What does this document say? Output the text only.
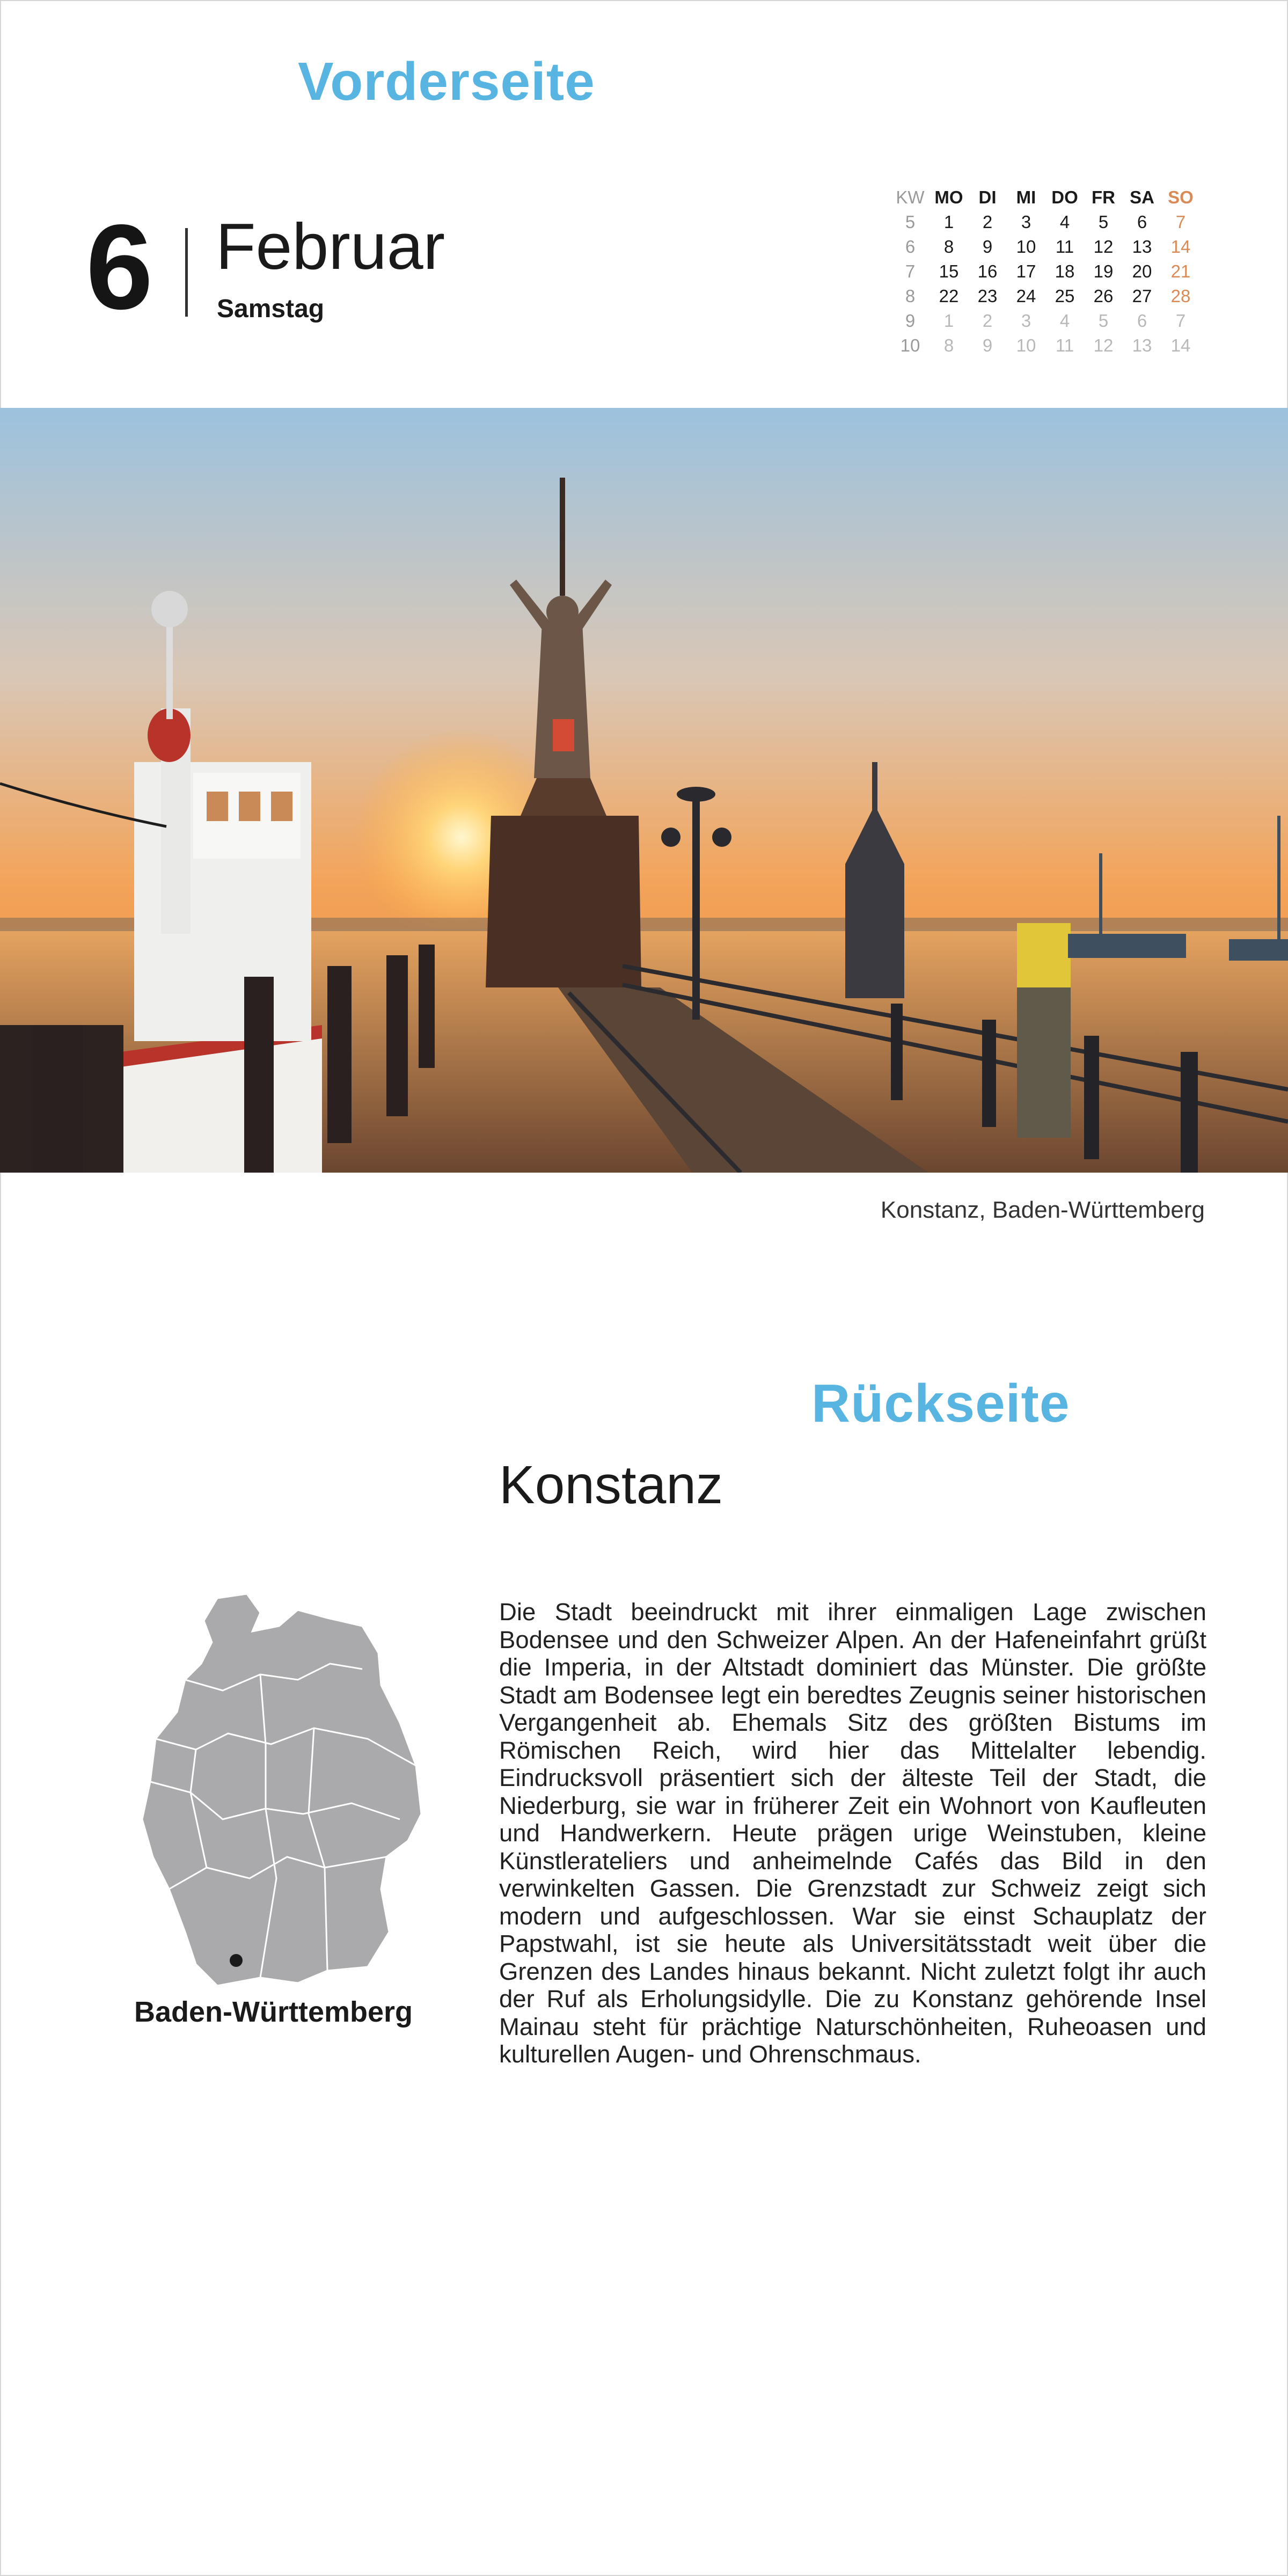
Vorderseite
6 Februar
Samstag
KW	MO	DI	MI	DO	FR	SA	SO
5	1	2	3	4	5	6	7
6	8	9	10	11	12	13	14
7	15	16	17	18	19	20	21
8	22	23	24	25	26	27	28
9	1	2	3	4	5	6	7
10	8	9	10	11	12	13	14
Konstanz, Baden-Württemberg
Rückseite
Konstanz
Die Stadt beeindruckt mit ihrer einmaligen Lage zwischen Bodensee und den Schweizer Alpen. An der Hafeneinfahrt grüßt die Imperia, in der Altstadt dominiert das Münster. Die größte Stadt am Bodensee legt ein beredtes Zeugnis seiner historischen Vergangenheit ab. Ehemals Sitz des größten Bistums im Römischen Reich, wird hier das Mittelalter lebendig. Eindrucksvoll präsentiert sich der älteste Teil der Stadt, die Niederburg, sie war in früherer Zeit ein Wohnort von Kaufleuten und Handwerkern. Heute prägen urige Weinstuben, kleine Künstlerateliers und anheimelnde Cafés das Bild in den verwinkelten Gassen. Die Grenzstadt zur Schweiz zeigt sich modern und aufgeschlossen. War sie einst Schauplatz der Papstwahl, ist sie heute als Universitätsstadt weit über die Grenzen des Landes hinaus bekannt. Nicht zuletzt folgt ihr auch der Ruf als Erholungsidylle. Die zu Konstanz gehörende Insel Mainau steht für prächtige Naturschönheiten, Ruheoasen und kulturellen Augen- und Ohrenschmaus.
Baden-Württemberg
